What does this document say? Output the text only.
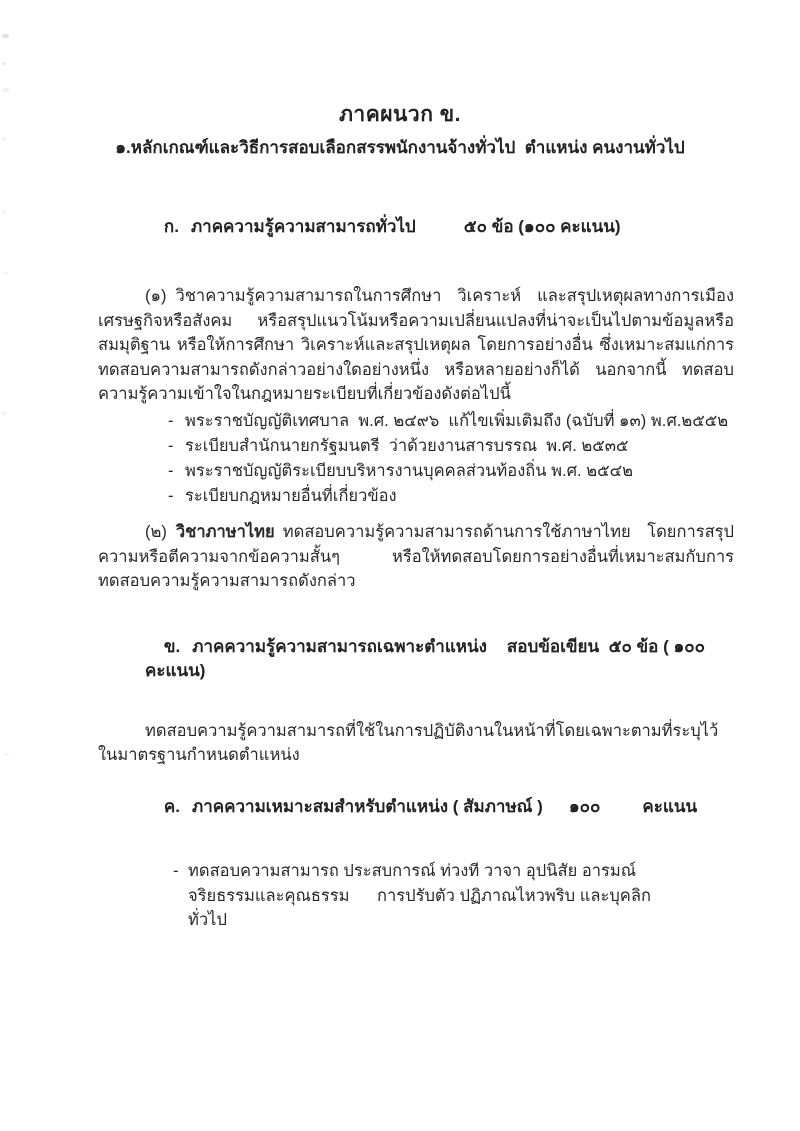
ภาคผนวก ข.
๑.หลักเกณฑ์และวิธีการสอบเลือกสรรพนักงานจ้างทั่วไป  ตำแหน่ง คนงานทั่วไป

ก. ภาคความรู้ความสามารถทั่วไป	๕๐ ข้อ (๑๐๐ คะแนน)

(๑) วิชาความรู้ความสามารถในการศึกษา วิเคราะห์ และสรุปเหตุผลทางการเมือง เศรษฐกิจหรือสังคม หรือสรุปแนวโน้มหรือความเปลี่ยนแปลงที่น่าจะเป็นไปตามข้อมูลหรือสมมุติฐาน หรือให้การศึกษา วิเคราะห์และสรุปเหตุผล โดยการอย่างอื่น ซึ่งเหมาะสมแก่การทดสอบความสามารถดังกล่าวอย่างใดอย่างหนึ่ง หรือหลายอย่างก็ได้ นอกจากนี้ ทดสอบความรู้ความเข้าใจในกฎหมายระเบียบที่เกี่ยวข้องดังต่อไปนี้
- พระราชบัญญัติเทศบาล  พ.ศ. ๒๔๙๖  แก้ไขเพิ่มเติมถึง (ฉบับที่ ๑๓) พ.ศ.๒๕๕๒
- ระเบียบสำนักนายกรัฐมนตรี  ว่าด้วยงานสารบรรณ  พ.ศ. ๒๕๓๕
- พระราชบัญญัติระเบียบบริหารงานบุคคลส่วนท้องถิ่น พ.ศ. ๒๕๔๒
- ระเบียบกฎหมายอื่นที่เกี่ยวข้อง
(๒) วิชาภาษาไทย ทดสอบความรู้ความสามารถด้านการใช้ภาษาไทย โดยการสรุปความหรือตีความจากข้อความสั้นๆ หรือให้ทดสอบโดยการอย่างอื่นที่เหมาะสมกับการทดสอบความรู้ความสามารถดังกล่าว

ข. ภาคความรู้ความสามารถเฉพาะตำแหน่ง สอบข้อเขียน  ๕๐ ข้อ ( ๑๐๐ คะแนน)

ทดสอบความรู้ความสามารถที่ใช้ในการปฏิบัติงานในหน้าที่โดยเฉพาะตามที่ระบุไว้ในมาตรฐานกำหนดตำแหน่ง

ค. ภาคความเหมาะสมสำหรับตำแหน่ง ( สัมภาษณ์ ) ๑๐๐ คะแนน

- ทดสอบความสามารถ ประสบการณ์ ท่วงที วาจา อุปนิสัย อารมณ์ จริยธรรมและคุณธรรม      การปรับตัว ปฏิภาณไหวพริบ และบุคลิกทั่วไป
